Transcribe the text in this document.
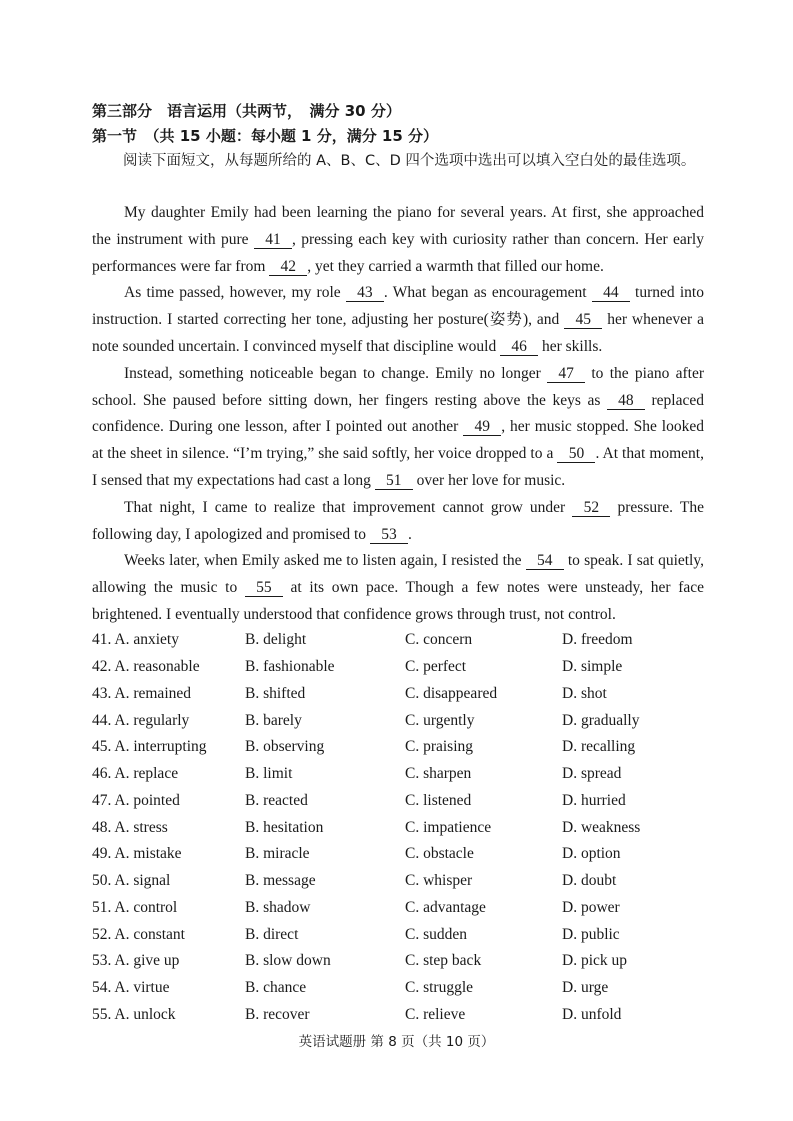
第三部分　语言运用（共两节，　满分 30 分）
第一节　（共 15 小题：每小题 1 分，满分 15 分）
阅读下面短文，从每题所给的 A、B、C、D 四个选项中选出可以填入空白处的最佳选项。

My daughter Emily had been learning the piano for several years. At first, she approached the instrument with pure 41 , pressing each key with curiosity rather than concern. Her early performances were far from 42 , yet they carried a warmth that filled our home.

As time passed, however, my role 43 . What began as encouragement 44 turned into instruction. I started correcting her tone, adjusting her posture(姿势), and 45 her whenever a note sounded uncertain. I convinced myself that discipline would 46 her skills.

Instead, something noticeable began to change. Emily no longer 47 to the piano after school. She paused before sitting down, her fingers resting above the keys as 48 replaced confidence. During one lesson, after I pointed out another 49 , her music stopped. She looked at the sheet in silence. “I’m trying,” she said softly, her voice dropped to a 50 . At that moment, I sensed that my expectations had cast a long 51 over her love for music.

That night, I came to realize that improvement cannot grow under 52 pressure. The following day, I apologized and promised to 53 .

Weeks later, when Emily asked me to listen again, I resisted the 54 to speak. I sat quietly, allowing the music to 55 at its own pace. Though a few notes were unsteady, her face brightened. I eventually understood that confidence grows through trust, not control.

41. A. anxiety	B. delight	C. concern	D. freedom
42. A. reasonable	B. fashionable	C. perfect	D. simple
43. A. remained	B. shifted	C. disappeared	D. shot
44. A. regularly	B. barely	C. urgently	D. gradually
45. A. interrupting	B. observing	C. praising	D. recalling
46. A. replace	B. limit	C. sharpen	D. spread
47. A. pointed	B. reacted	C. listened	D. hurried
48. A. stress	B. hesitation	C. impatience	D. weakness
49. A. mistake	B. miracle	C. obstacle	D. option
50. A. signal	B. message	C. whisper	D. doubt
51. A. control	B. shadow	C. advantage	D. power
52. A. constant	B. direct	C. sudden	D. public
53. A. give up	B. slow down	C. step back	D. pick up
54. A. virtue	B. chance	C. struggle	D. urge
55. A. unlock	B. recover	C. relieve	D. unfold
英语试题册 第 8 页（共 10 页）
